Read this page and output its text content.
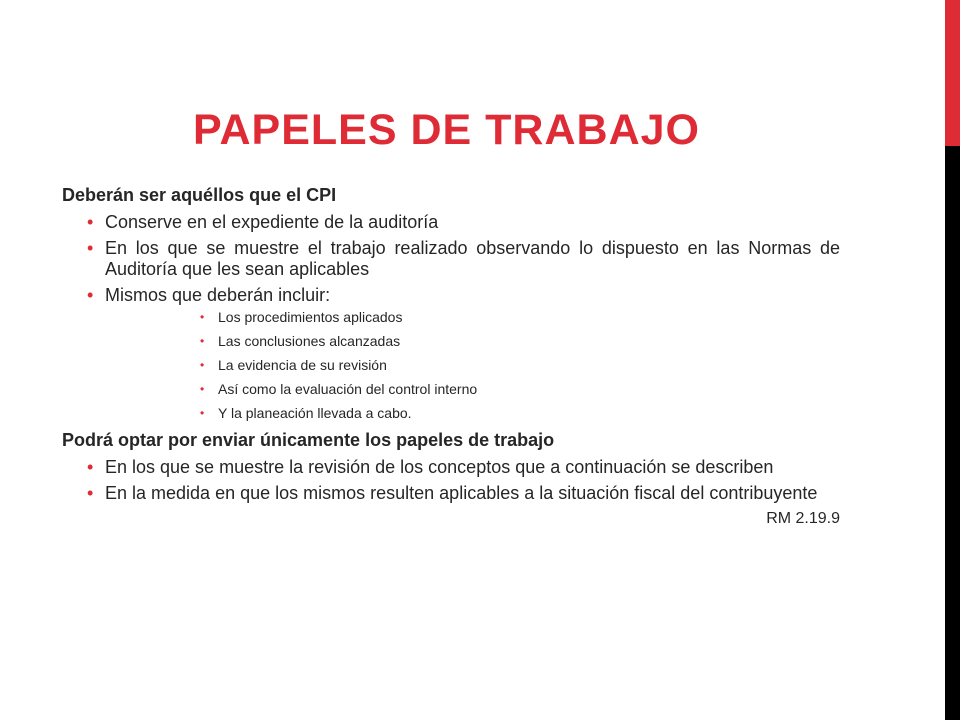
PAPELES DE TRABAJO
Deberán ser aquéllos que el CPI
• Conserve en el expediente de la auditoría
• En los que se muestre el trabajo realizado observando lo dispuesto en las Normas de Auditoría que les sean aplicables
• Mismos que deberán incluir:
• Los procedimientos aplicados
• Las conclusiones alcanzadas
• La evidencia de su revisión
• Así como la evaluación del control interno
• Y la planeación llevada a cabo.
Podrá optar por enviar únicamente los papeles de trabajo
• En los que se muestre la revisión de los conceptos que a continuación se describen
• En la medida en que los mismos resulten aplicables a la situación fiscal del contribuyente
RM 2.19.9
